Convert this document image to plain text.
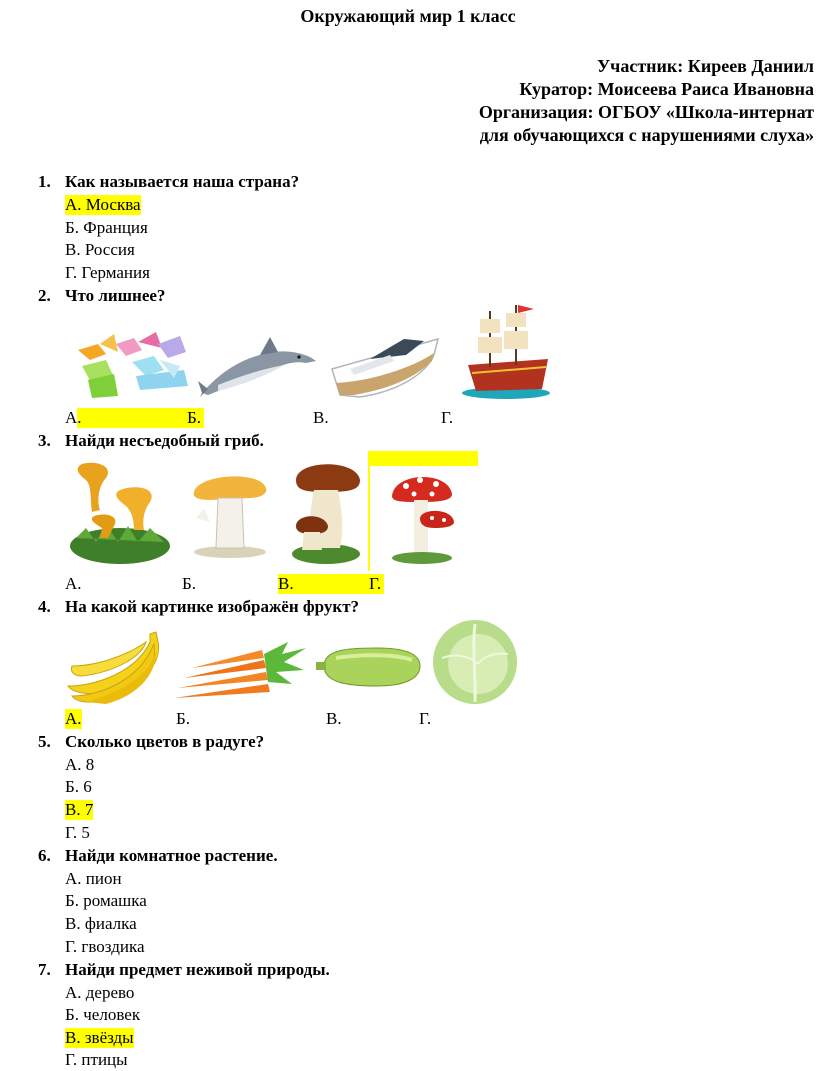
Окружающий мир 1 класс
Участник: Киреев Даниил
Куратор: Моисеева Раиса Ивановна
Организация: ОГБОУ «Школа-интернат
для обучающихся с нарушениями слуха»
1. Как называется наша страна?
А. Москва
Б. Франция
В. Россия
Г. Германия
2. Что лишнее?
А.	Б.	В.	Г.
3. Найди несъедобный гриб.
А.	Б.	В.	Г.
4. На какой картинке изображён фрукт?
А.	Б.	В.	Г.
5. Сколько цветов в радуге?
А. 8
Б. 6
В. 7
Г. 5
6. Найди комнатное растение.
А. пион
Б. ромашка
В. фиалка
Г. гвоздика
7. Найди предмет неживой природы.
А. дерево
Б. человек
В. звёзды
Г. птицы
